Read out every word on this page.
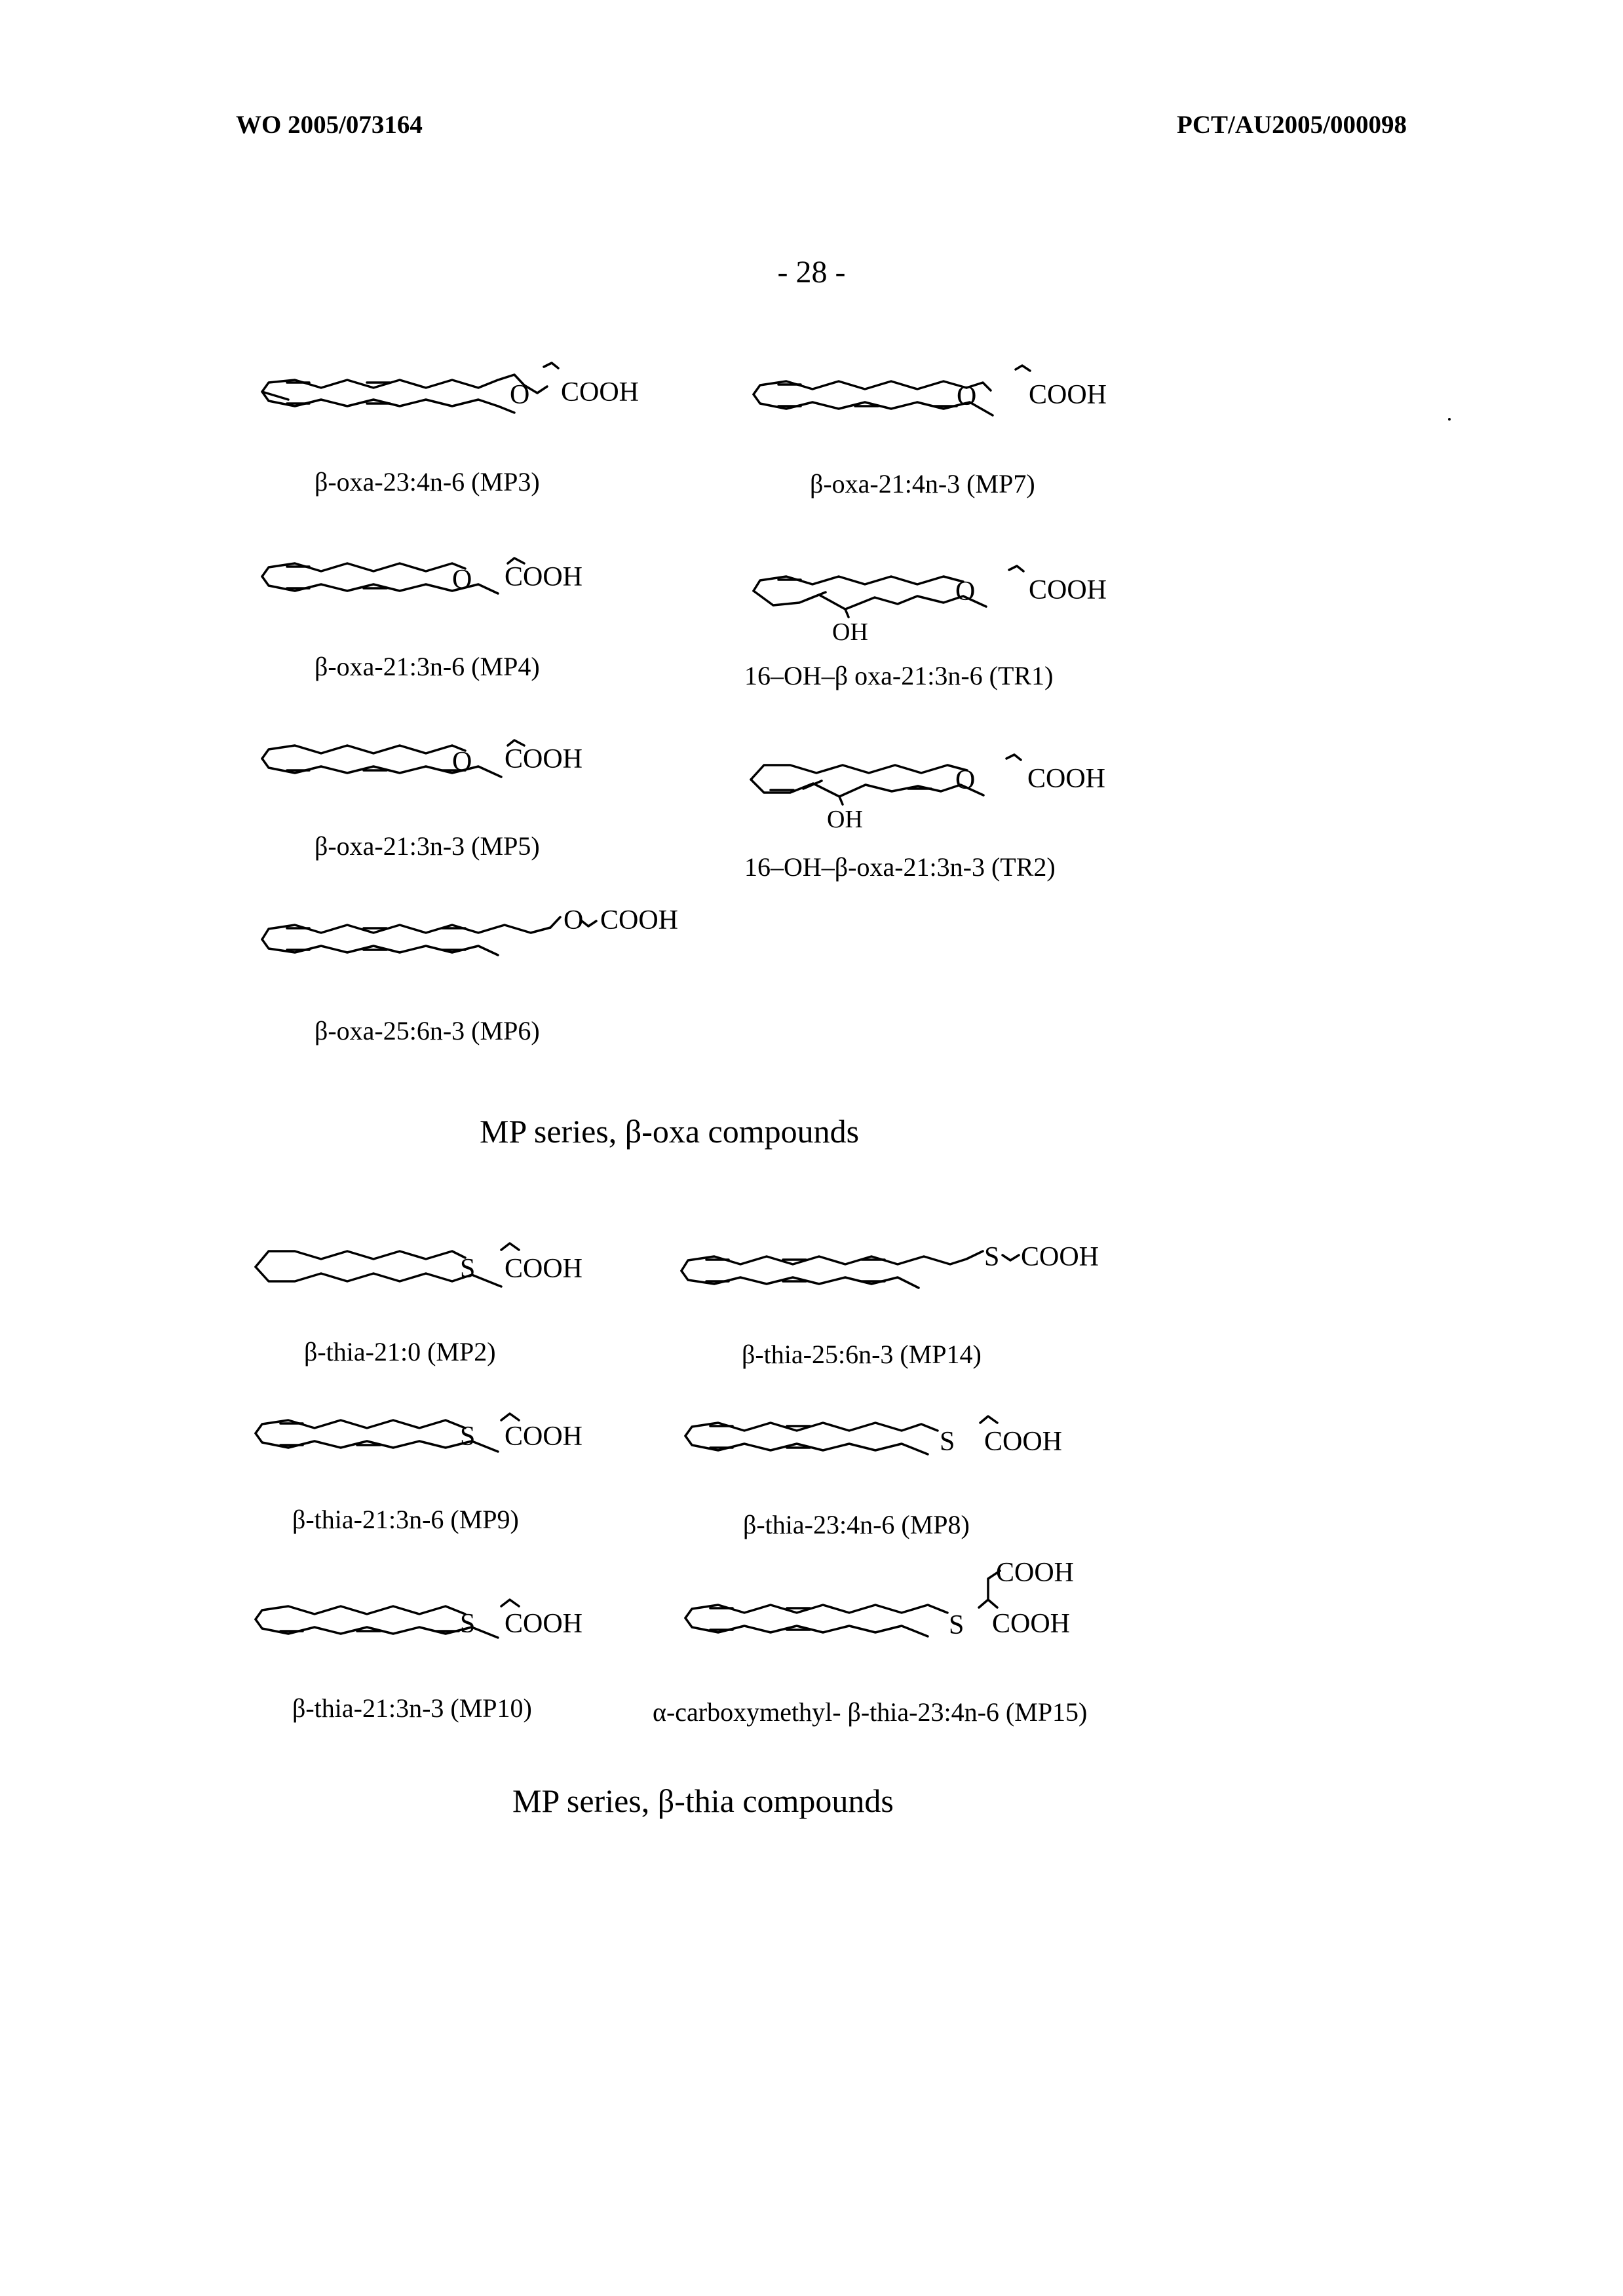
WO 2005/073164	PCT/AU2005/000098
- 28 -
O COOH
β-oxa-23:4n-6 (MP3)
O COOH
β-oxa-21:4n-3 (MP7)
O COOH
β-oxa-21:3n-6 (MP4)
O COOH
OH
16–OH–β oxa-21:3n-6 (TR1)
O COOH
β-oxa-21:3n-3 (MP5)
O COOH
OH
16–OH–β-oxa-21:3n-3 (TR2)
O COOH
β-oxa-25:6n-3 (MP6)
MP series, β-oxa compounds
S COOH
β-thia-21:0 (MP2)
S COOH
β-thia-25:6n-3 (MP14)
S COOH
β-thia-21:3n-6 (MP9)
S COOH
β-thia-23:4n-6 (MP8)
S COOH
β-thia-21:3n-3 (MP10)
S
COOH
COOH
α-carboxymethyl- β-thia-23:4n-6 (MP15)
MP series, β-thia compounds
